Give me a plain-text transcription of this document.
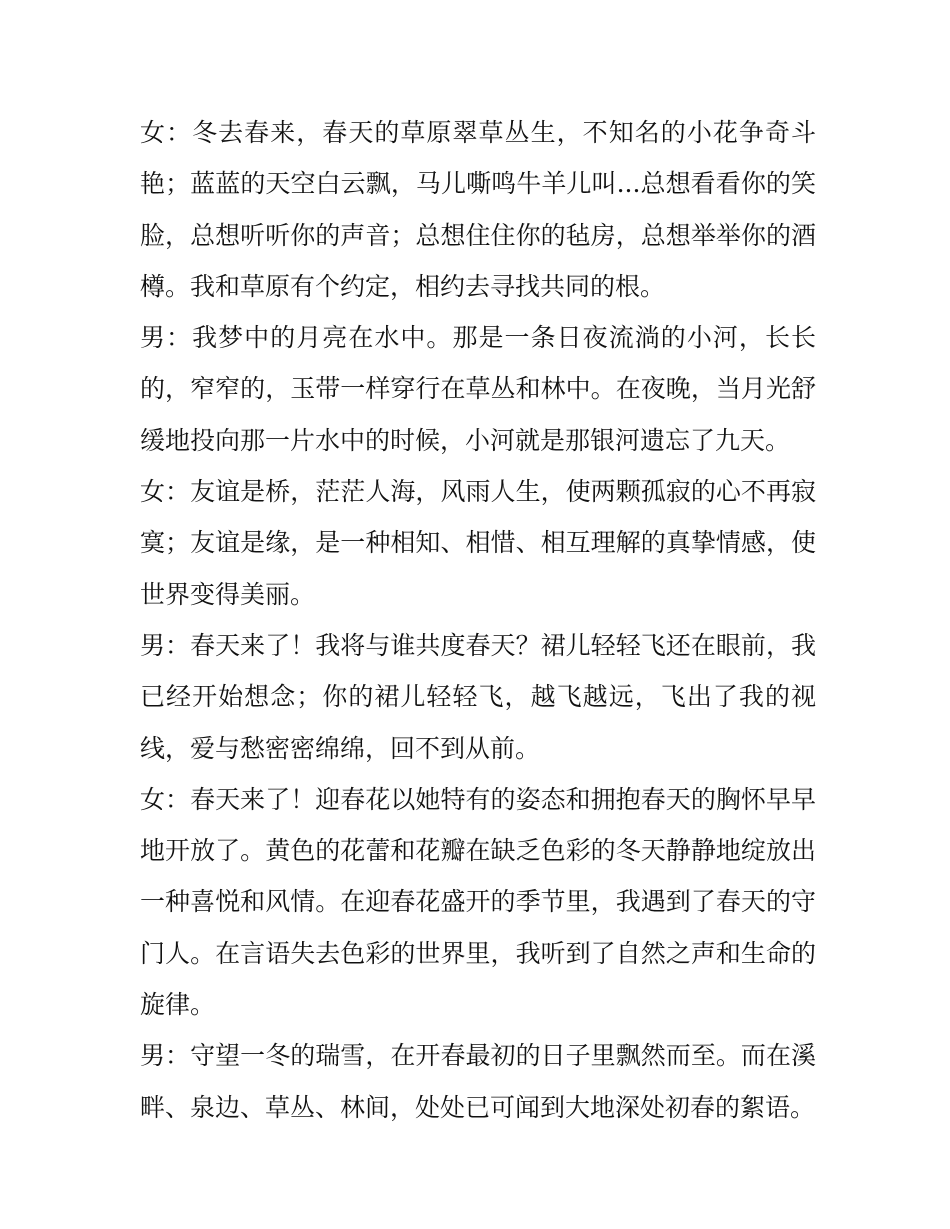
女：冬去春来，春天的草原翠草丛生，不知名的小花争奇斗艳；蓝蓝的天空白云飘，马儿嘶鸣牛羊儿叫...总想看看你的笑脸，总想听听你的声音；总想住住你的毡房，总想举举你的酒樽。我和草原有个约定，相约去寻找共同的根。

男：我梦中的月亮在水中。那是一条日夜流淌的小河，长长的，窄窄的，玉带一样穿行在草丛和林中。在夜晚，当月光舒缓地投向那一片水中的时候，小河就是那银河遗忘了九天。

女：友谊是桥，茫茫人海，风雨人生，使两颗孤寂的心不再寂寞；友谊是缘，是一种相知、相惜、相互理解的真挚情感，使世界变得美丽。

男：春天来了！我将与谁共度春天？裙儿轻轻飞还在眼前，我已经开始想念；你的裙儿轻轻飞，越飞越远，飞出了我的视线，爱与愁密密绵绵，回不到从前。

女：春天来了！迎春花以她特有的姿态和拥抱春天的胸怀早早地开放了。黄色的花蕾和花瓣在缺乏色彩的冬天静静地绽放出一种喜悦和风情。在迎春花盛开的季节里，我遇到了春天的守门人。在言语失去色彩的世界里，我听到了自然之声和生命的旋律。

男：守望一冬的瑞雪，在开春最初的日子里飘然而至。而在溪畔、泉边、草丛、林间，处处已可闻到大地深处初春的絮语。
